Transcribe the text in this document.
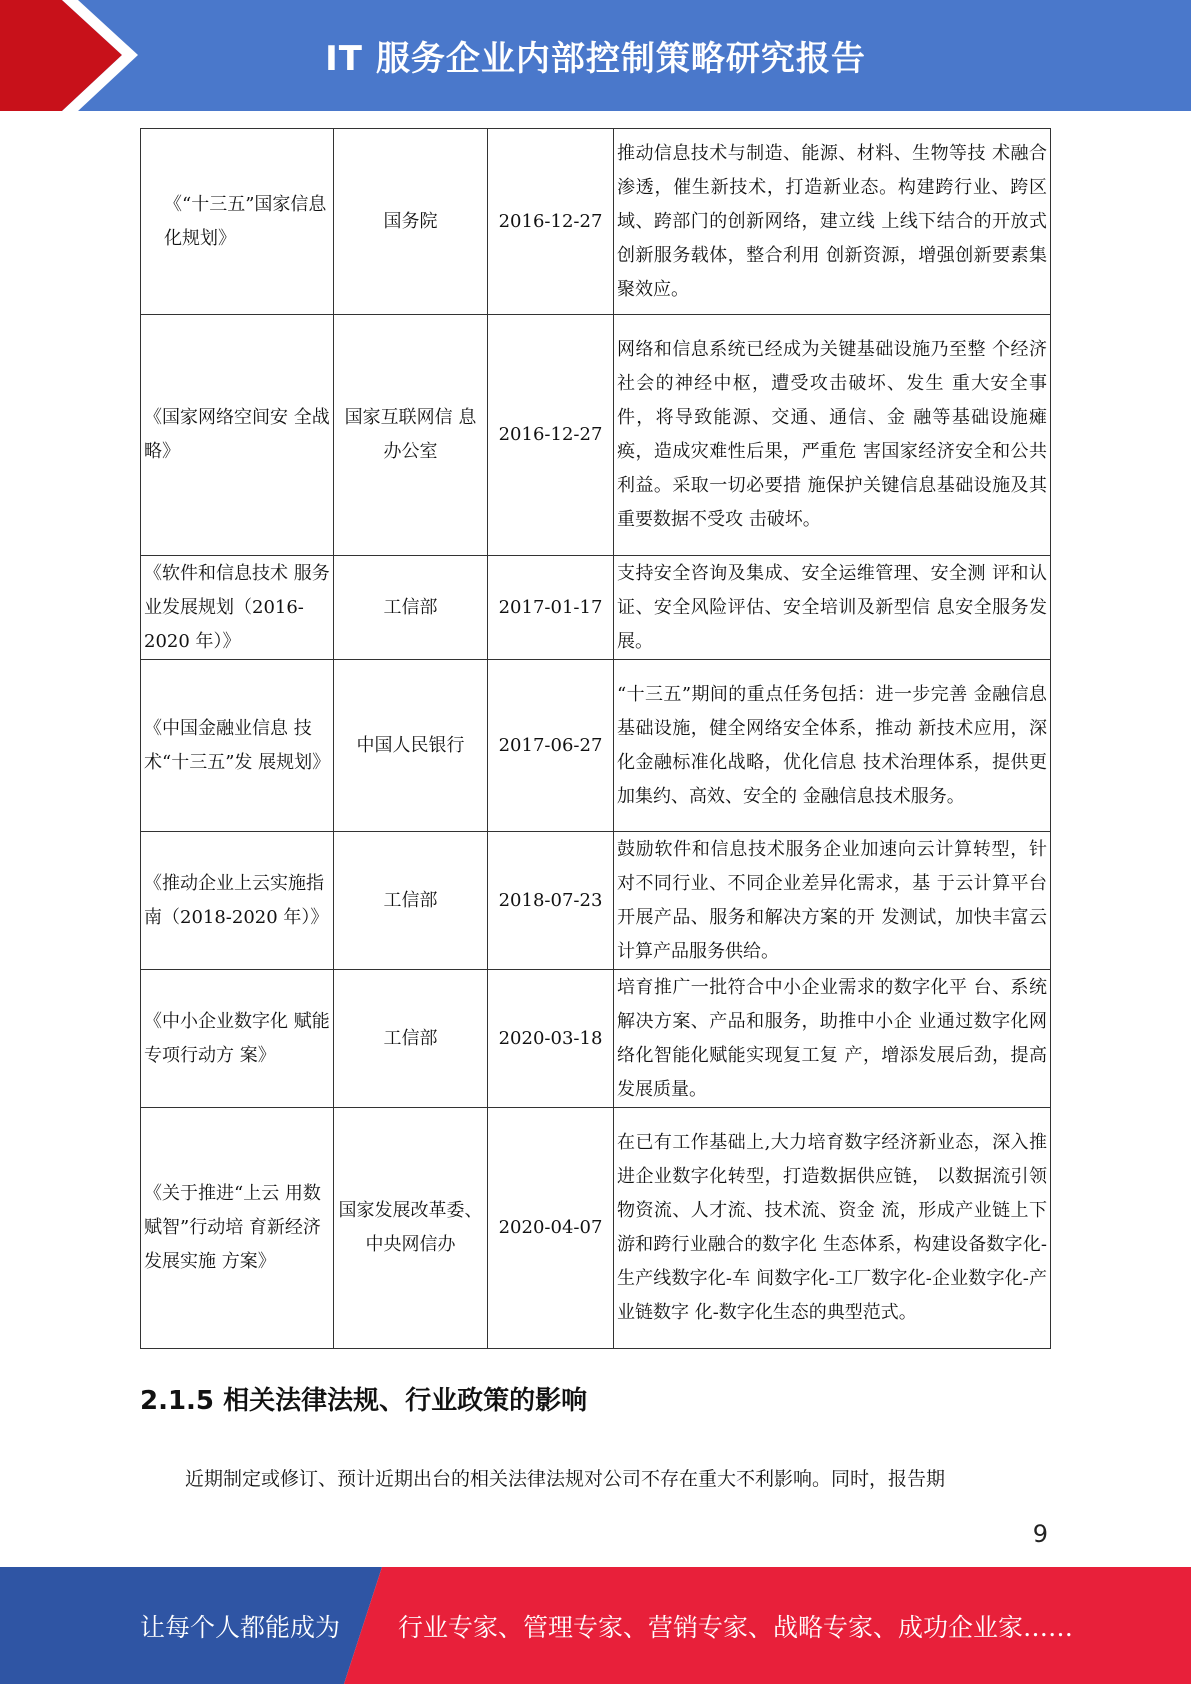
IT 服务企业内部控制策略研究报告
《“十三五”国家信息化规划》	国务院	2016-12-27	推动信息技术与制造、能源、材料、生物等技 术融合渗透，催生新技术，打造新业态。构建跨行业、跨区域、跨部门的创新网络，建立线 上线下结合的开放式创新服务载体，整合利用 创新资源，增强创新要素集聚效应。
《国家网络空间安 全战略》	国家互联网信 息办公室	2016-12-27	网络和信息系统已经成为关键基础设施乃至整 个经济社会的神经中枢，遭受攻击破坏、发生 重大安全事件，将导致能源、交通、通信、金 融等基础设施瘫痪，造成灾难性后果，严重危 害国家经济安全和公共利益。采取一切必要措 施保护关键信息基础设施及其重要数据不受攻 击破坏。
《软件和信息技术 服务业发展规划（2016-2020 年）》	工信部	2017-01-17	支持安全咨询及集成、安全运维管理、安全测 评和认证、安全风险评估、安全培训及新型信 息安全服务发展。
《中国金融业信息 技术“十三五”发 展规划》	中国人民银行	2017-06-27	“十三五”期间的重点任务包括：进一步完善 金融信息基础设施，健全网络安全体系，推动 新技术应用，深化金融标准化战略，优化信息 技术治理体系，提供更加集约、高效、安全的 金融信息技术服务。
《推动企业上云实施指南（2018-2020 年）》	工信部	2018-07-23	鼓励软件和信息技术服务企业加速向云计算转型，针对不同行业、不同企业差异化需求，基 于云计算平台开展产品、服务和解决方案的开 发测试，加快丰富云计算产品服务供给。
《中小企业数字化 赋能专项行动方 案》	工信部	2020-03-18	培育推广一批符合中小企业需求的数字化平 台、系统解决方案、产品和服务，助推中小企 业通过数字化网络化智能化赋能实现复工复 产，增添发展后劲，提高发展质量。
《关于推进“上云 用数赋智”行动培 育新经济发展实施 方案》	国家发展改革委、中央网信办	2020-04-07	在已有工作基础上,大力培育数字经济新业态，深入推进企业数字化转型，打造数据供应链， 以数据流引领物资流、人才流、技术流、资金 流，形成产业链上下游和跨行业融合的数字化 生态体系，构建设备数字化-生产线数字化-车 间数字化-工厂数字化-企业数字化-产业链数字 化-数字化生态的典型范式。
2.1.5 相关法律法规、行业政策的影响
近期制定或修订、预计近期出台的相关法律法规对公司不存在重大不利影响。同时，报告期
9
让每个人都能成为 行业专家、管理专家、营销专家、战略专家、成功企业家……
